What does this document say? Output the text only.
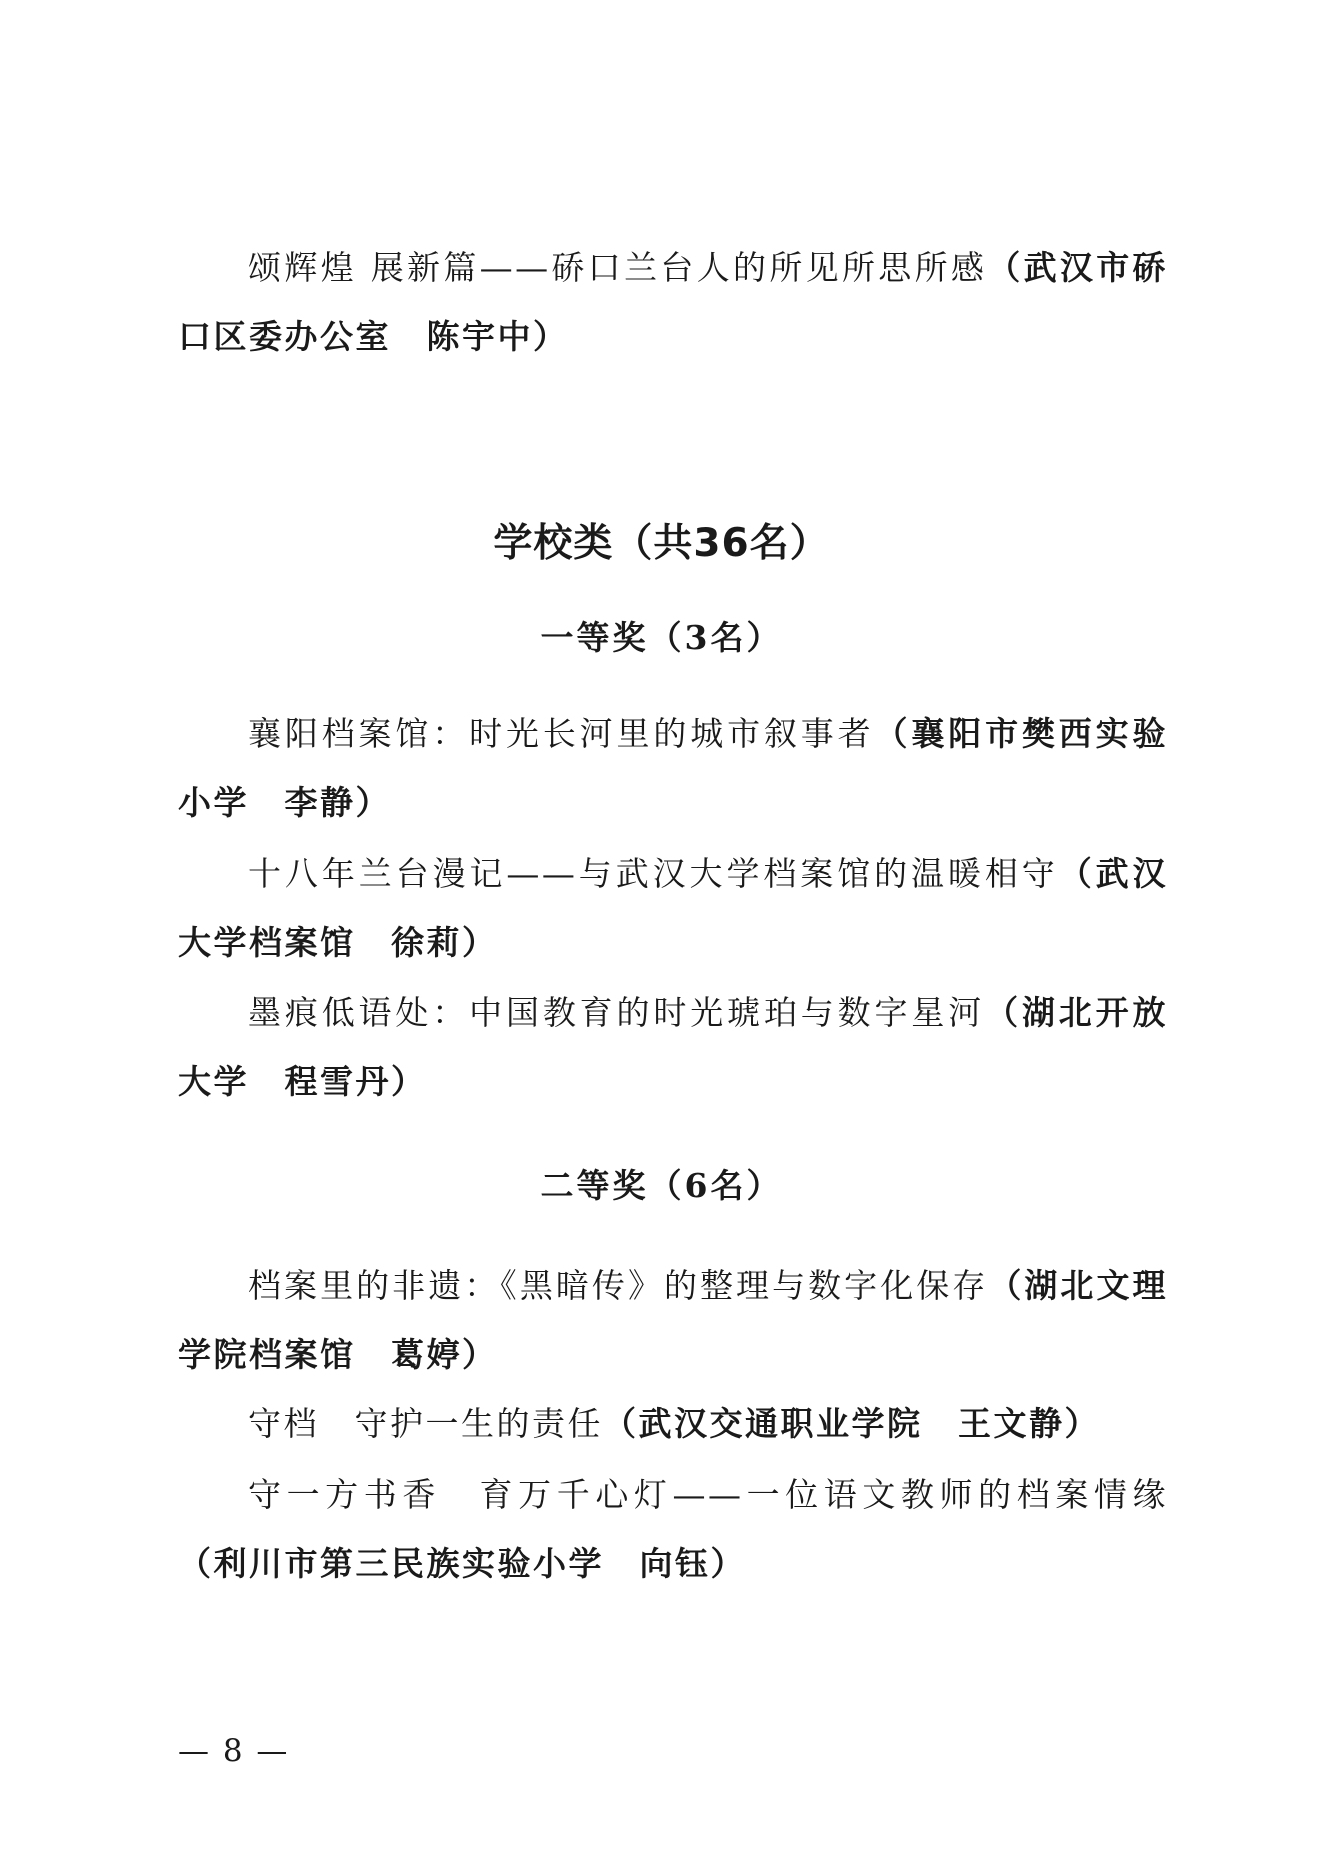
颂辉煌 展新篇——硚口兰台人的所见所思所感（武汉市硚口区委办公室　陈宇中）

学校类（共36名）
一等奖（3名）

襄阳档案馆：时光长河里的城市叙事者（襄阳市樊西实验小学　李静）

十八年兰台漫记——与武汉大学档案馆的温暖相守（武汉大学档案馆　徐莉）

墨痕低语处：中国教育的时光琥珀与数字星河（湖北开放大学　程雪丹）

二等奖（6名）

档案里的非遗：《黑暗传》的整理与数字化保存（湖北文理学院档案馆　葛婷）

守档　守护一生的责任（武汉交通职业学院　王文静）

守一方书香　育万千心灯——一位语文教师的档案情缘（利川市第三民族实验小学　向钰）

— 8 —
